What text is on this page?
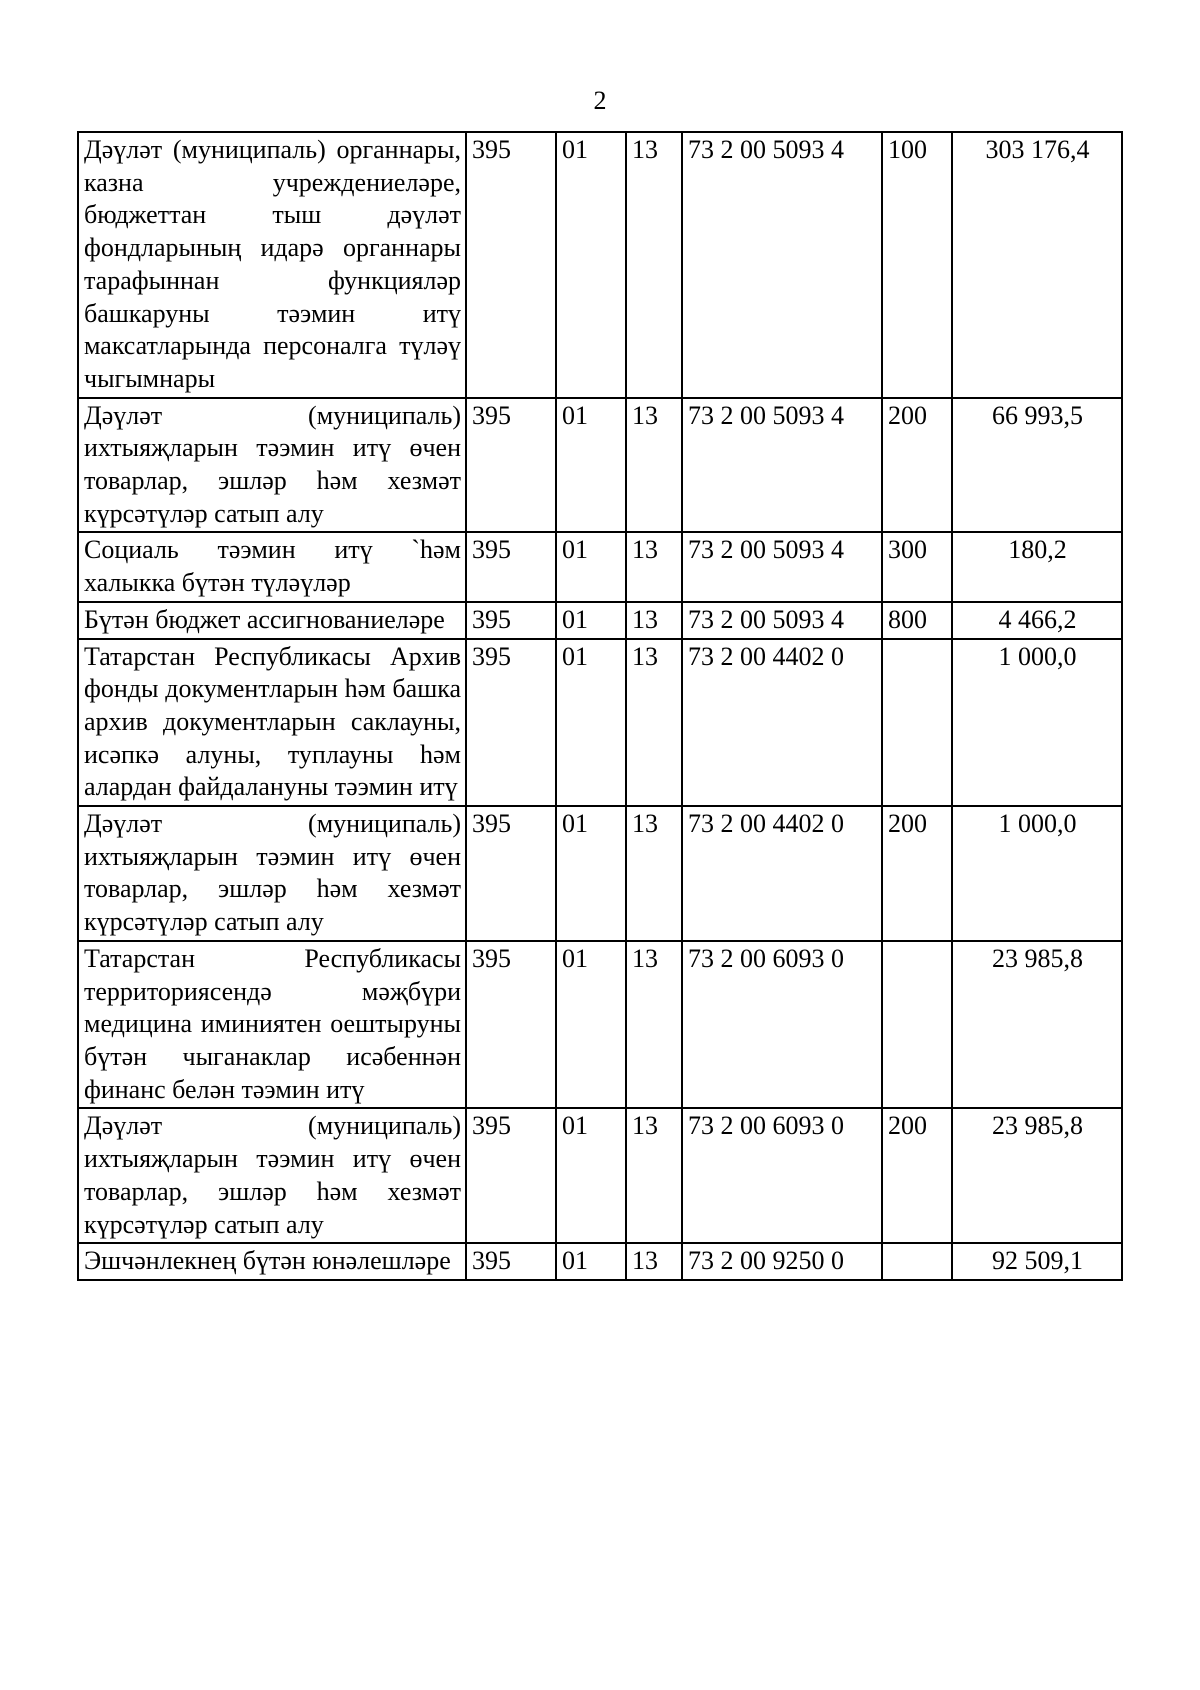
2
Дәүләт (муниципаль) органнары, казна учреждениеләре, бюджеттан тыш дәүләт фондларының идарә органнары тарафыннан функцияләр башкаруны тәэмин итү максатларында персоналга түләү чыгымнары	395	01	13	73 2 00 5093 4	100	303 176,4
Дәүләт (муниципаль) ихтыяҗларын тәэмин итү өчен товарлар, эшләр һәм хезмәт күрсәтүләр сатып алу	395	01	13	73 2 00 5093 4	200	66 993,5
Социаль тәэмин итү `һәм халыкка бүтән түләүләр	395	01	13	73 2 00 5093 4	300	180,2
Бүтән бюджет ассигнованиеләре	395	01	13	73 2 00 5093 4	800	4 466,2
Татарстан Республикасы Архив фонды документларын һәм башка архив документларын саклауны, исәпкә алуны, туплауны һәм алардан файдалануны тәэмин итү	395	01	13	73 2 00 4402 0		1 000,0
Дәүләт (муниципаль) ихтыяҗларын тәэмин итү өчен товарлар, эшләр һәм хезмәт күрсәтүләр сатып алу	395	01	13	73 2 00 4402 0	200	1 000,0
Татарстан Республикасы территориясендә мәҗбүри медицина иминиятен оештыруны бүтән чыганаклар исәбеннән финанс белән тәэмин итү	395	01	13	73 2 00 6093 0		23 985,8
Дәүләт (муниципаль) ихтыяҗларын тәэмин итү өчен товарлар, эшләр һәм хезмәт күрсәтүләр сатып алу	395	01	13	73 2 00 6093 0	200	23 985,8
Эшчәнлекнең бүтән юнәлешләре	395	01	13	73 2 00 9250 0		92 509,1
